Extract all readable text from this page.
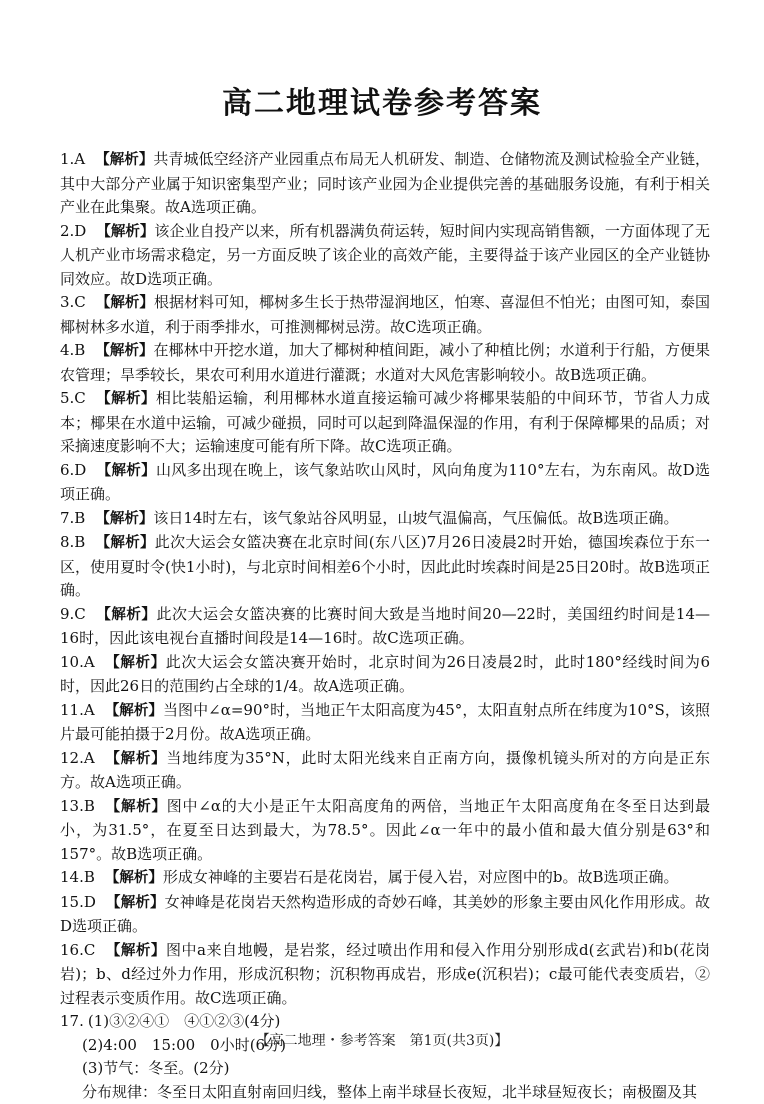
高二地理试卷参考答案

1.A 【解析】共青城低空经济产业园重点布局无人机研发、制造、仓储物流及测试检验全产业链，其中大部分产业属于知识密集型产业；同时该产业园为企业提供完善的基础服务设施，有利于相关产业在此集聚。故A选项正确。

2.D 【解析】该企业自投产以来，所有机器满负荷运转，短时间内实现高销售额，一方面体现了无人机产业市场需求稳定，另一方面反映了该企业的高效产能，主要得益于该产业园区的全产业链协同效应。故D选项正确。

3.C 【解析】根据材料可知，椰树多生长于热带湿润地区，怕寒、喜湿但不怕光；由图可知，泰国椰树林多水道，利于雨季排水，可推测椰树忌涝。故C选项正确。

4.B 【解析】在椰林中开挖水道，加大了椰树种植间距，减小了种植比例；水道利于行船，方便果农管理；旱季较长，果农可利用水道进行灌溉；水道对大风危害影响较小。故B选项正确。

5.C 【解析】相比装船运输，利用椰林水道直接运输可减少将椰果装船的中间环节，节省人力成本；椰果在水道中运输，可减少碰损，同时可以起到降温保湿的作用，有利于保障椰果的品质；对采摘速度影响不大；运输速度可能有所下降。故C选项正确。

6.D 【解析】山风多出现在晚上，该气象站吹山风时，风向角度为110°左右，为东南风。故D选项正确。

7.B 【解析】该日14时左右，该气象站谷风明显，山坡气温偏高，气压偏低。故B选项正确。

8.B 【解析】此次大运会女篮决赛在北京时间(东八区)7月26日凌晨2时开始，德国埃森位于东一区，使用夏时令(快1小时)，与北京时间相差6个小时，因此此时埃森时间是25日20时。故B选项正确。

9.C 【解析】此次大运会女篮决赛的比赛时间大致是当地时间20—22时，美国纽约时间是14—16时，因此该电视台直播时间段是14—16时。故C选项正确。

10.A 【解析】此次大运会女篮决赛开始时，北京时间为26日凌晨2时，此时180°经线时间为6时，因此26日的范围约占全球的1/4。故A选项正确。

11.A 【解析】当图中∠α=90°时，当地正午太阳高度为45°，太阳直射点所在纬度为10°S，该照片最可能拍摄于2月份。故A选项正确。

12.A 【解析】当地纬度为35°N，此时太阳光线来自正南方向，摄像机镜头所对的方向是正东方。故A选项正确。

13.B 【解析】图中∠α的大小是正午太阳高度角的两倍，当地正午太阳高度角在冬至日达到最小，为31.5°，在夏至日达到最大，为78.5°。因此∠α一年中的最小值和最大值分别是63°和157°。故B选项正确。

14.B 【解析】形成女神峰的主要岩石是花岗岩，属于侵入岩，对应图中的b。故B选项正确。

15.D 【解析】女神峰是花岗岩天然构造形成的奇妙石峰，其美妙的形象主要由风化作用形成。故D选项正确。

16.C 【解析】图中a来自地幔，是岩浆，经过喷出作用和侵入作用分别形成d(玄武岩)和b(花岗岩)；b、d经过外力作用，形成沉积物；沉积物再成岩，形成e(沉积岩)；c最可能代表变质岩，②过程表示变质作用。故C选项正确。

17. (1)③②④①　④①②③(4分)

(2)4:00　15:00　0小时(6分)

(3)节气：冬至。(2分)

分布规律：冬至日太阳直射南回归线，整体上南半球昼长夜短，北半球昼短夜长；南极圈及其

【高二地理・参考答案　第1页(共3页)】
